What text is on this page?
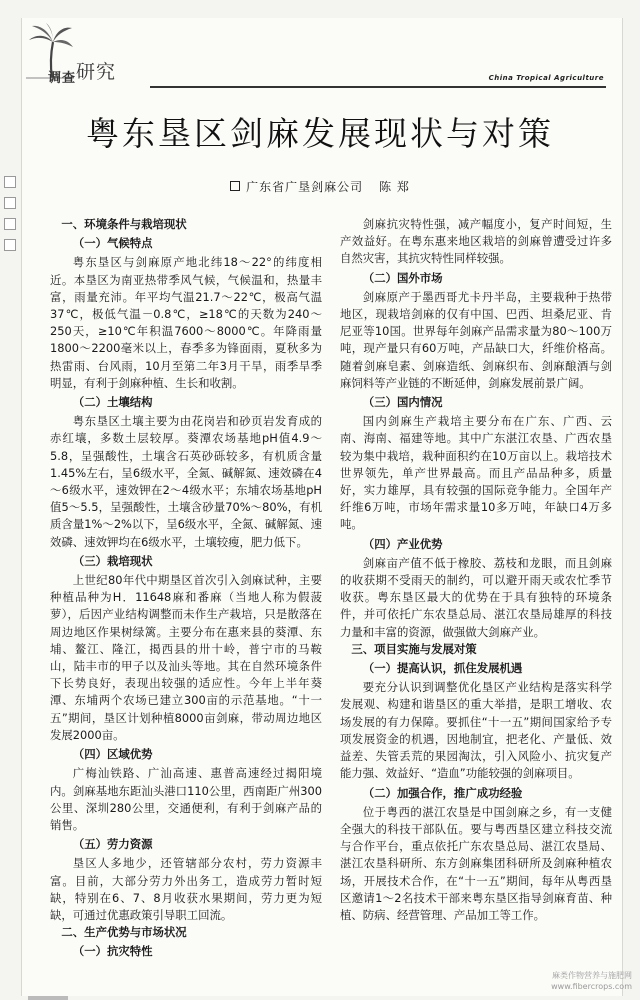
调查研究	China Tropical Agriculture
粤东垦区剑麻发展现状与对策
广东省广垦剑麻公司 陈 郑
一、环境条件与栽培现状
（一）气候特点

粤东垦区与剑麻原产地北纬18～22°的纬度相近。本垦区为南亚热带季风气候，气候温和，热量丰富，雨量充沛。年平均气温21.7～22℃，极高气温37℃，极低气温－0.8℃，≥18℃的天数为240～250天，≥10℃年积温7600～8000℃。年降雨量1800～2200毫米以上，春季多为锋面雨，夏秋多为热雷雨、台风雨，10月至第二年3月干旱，雨季旱季明显，有利于剑麻种植、生长和收割。

（二）土壤结构

粤东垦区土壤主要为由花岗岩和砂页岩发育成的赤红壤，多数土层较厚。葵潭农场基地pH值4.9～5.8，呈强酸性，土壤含石英砂砾较多，有机质含量1.45%左右，呈6级水平，全氮、碱解氮、速效磷在4～6级水平，速效钾在2～4级水平；东埔农场基地pH值5～5.5，呈强酸性，土壤含砂量70%～80%，有机质含量1%～2%以下，呈6级水平，全氮、碱解氮、速效磷、速效钾均在6级水平，土壤较瘦，肥力低下。

（三）栽培现状

上世纪80年代中期垦区首次引入剑麻试种，主要种植品种为H．11648麻和番麻（当地人称为假菠萝），后因产业结构调整而未作生产栽培，只是散落在周边地区作果树绿篱。主要分布在惠来县的葵潭、东埔、鳌江、隆江，揭西县的卅十岭，普宁市的马鞍山，陆丰市的甲子以及汕头等地。其在自然环境条件下长势良好，表现出较强的适应性。今年上半年葵潭、东埔两个农场已建立300亩的示范基地。“十一五”期间，垦区计划种植8000亩剑麻，带动周边地区发展2000亩。

（四）区域优势

广梅汕铁路、广汕高速、惠普高速经过揭阳境内。剑麻基地东距汕头港口110公里，西南距广州300公里、深圳280公里，交通便利，有利于剑麻产品的销售。

（五）劳力资源

垦区人多地少，还管辖部分农村，劳力资源丰富。目前，大部分劳力外出务工，造成劳力暂时短缺，特别在6、7、8月收获水果期间，劳力更为短缺，可通过优惠政策引导职工回流。

二、生产优势与市场状况
（一）抗灾特性

剑麻抗灾特性强，减产幅度小，复产时间短，生产效益好。在粤东惠来地区栽培的剑麻曾遭受过许多自然灾害，其抗灾特性同样较强。

（二）国外市场

剑麻原产于墨西哥尤卡丹半岛，主要栽种于热带地区，现栽培剑麻的仅有中国、巴西、坦桑尼亚、肯尼亚等10国。世界每年剑麻产品需求量为80～100万吨，现产量只有60万吨，产品缺口大，纤维价格高。随着剑麻皂素、剑麻造纸、剑麻织布、剑麻酿酒与剑麻饲料等产业链的不断延伸，剑麻发展前景广阔。

（三）国内情况

国内剑麻生产栽培主要分布在广东、广西、云南、海南、福建等地。其中广东湛江农垦、广西农垦较为集中栽培，栽种面积约在10万亩以上。栽培技术世界领先，单产世界最高。而且产品品种多，质量好，实力雄厚，具有较强的国际竞争能力。全国年产纤维6万吨，市场年需求量10多万吨，年缺口4万多吨。

（四）产业优势

剑麻亩产值不低于橡胶、荔枝和龙眼，而且剑麻的收获期不受雨天的制约，可以避开雨天或农忙季节收获。粤东垦区最大的优势在于具有独特的环境条件，并可依托广东农垦总局、湛江农垦局雄厚的科技力量和丰富的资源，做强做大剑麻产业。

三、项目实施与发展对策
（一）提高认识，抓住发展机遇

要充分认识到调整优化垦区产业结构是落实科学发展观、构建和谐垦区的重大举措，是职工增收、农场发展的有力保障。要抓住“十一五”期间国家给予专项发展资金的机遇，因地制宜，把老化、产量低、效益差、失管丢荒的果园淘汰，引入风险小、抗灾复产能力强、效益好、“造血”功能较强的剑麻项目。

（二）加强合作，推广成功经验

位于粤西的湛江农垦是中国剑麻之乡，有一支健全强大的科技干部队伍。要与粤西垦区建立科技交流与合作平台，重点依托广东农垦总局、湛江农垦局、湛江农垦科研所、东方剑麻集团科研所及剑麻种植农场，开展技术合作，在“十一五”期间，每年从粤西垦区邀请1～2名技术干部来粤东垦区指导剑麻育苗、种植、防病、经营管理、产品加工等工作。

麻类作物营养与施肥网
www.fibercrops.com
